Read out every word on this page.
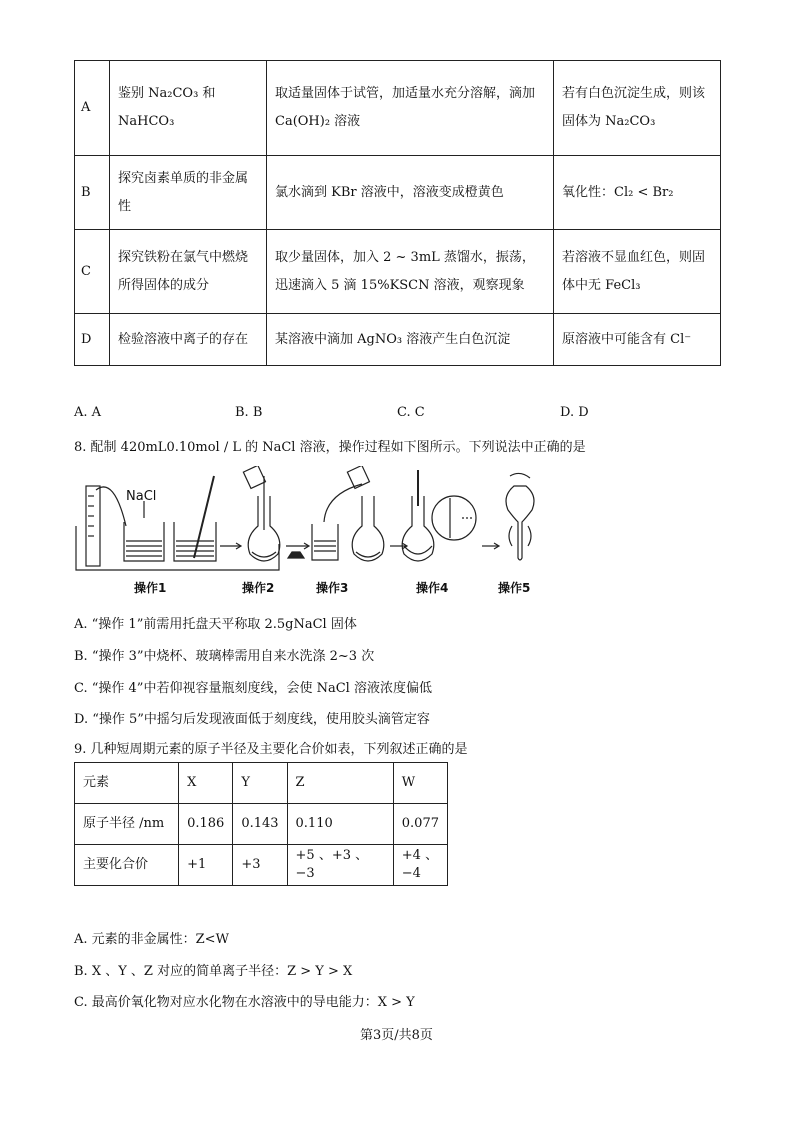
A	鉴别 Na₂CO₃ 和 NaHCO₃	取适量固体于试管，加适量水充分溶解，滴加 Ca(OH)₂ 溶液	若有白色沉淀生成，则该固体为 Na₂CO₃
B	探究卤素单质的非金属性	氯水滴到 KBr 溶液中，溶液变成橙黄色	氧化性：Cl₂ < Br₂
C	探究铁粉在氯气中燃烧所得固体的成分	取少量固体，加入 2 ~ 3mL 蒸馏水，振荡，迅速滴入 5 滴 15%KSCN 溶液，观察现象	若溶液不显血红色，则固体中无 FeCl₃
D	检验溶液中离子的存在	某溶液中滴加 AgNO₃ 溶液产生白色沉淀	原溶液中可能含有 Cl⁻
A. A	B. B	C. C	D. D
8. 配制 420mL0.10mol / L 的 NaCl 溶液，操作过程如下图所示。下列说法中正确的是
NaCl
操作1	操作2	操作3	操作4	操作5
A. “操作 1”前需用托盘天平称取 2.5gNaCl 固体
B. “操作 3”中烧杯、玻璃棒需用自来水洗涤 2~3 次
C. “操作 4”中若仰视容量瓶刻度线，会使 NaCl 溶液浓度偏低
D. “操作 5”中摇匀后发现液面低于刻度线，使用胶头滴管定容
9. 几种短周期元素的原子半径及主要化合价如表，下列叙述正确的是
元素	X	Y	Z	W
原子半径 /nm	0.186	0.143	0.110	0.077
主要化合价	+1	+3	+5 、+3 、−3	+4 、−4
A. 元素的非金属性：Z<W
B. X 、Y 、Z 对应的简单离子半径：Z > Y > X
C. 最高价氧化物对应水化物在水溶液中的导电能力：X > Y
第3页/共8页
